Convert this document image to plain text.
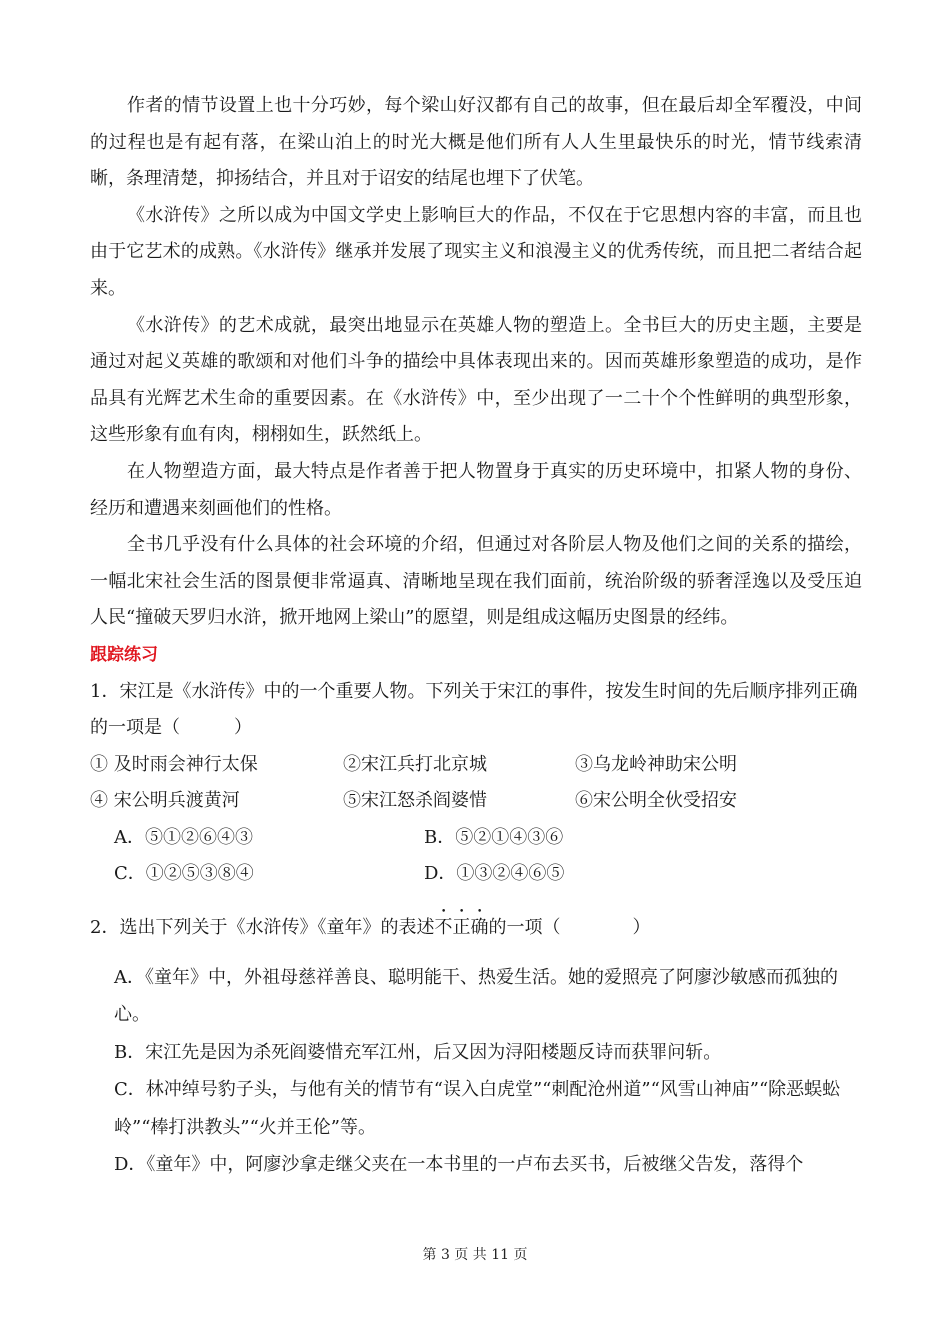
作者的情节设置上也十分巧妙，每个梁山好汉都有自己的故事，但在最后却全军覆没，中间的过程也是有起有落，在梁山泊上的时光大概是他们所有人人生里最快乐的时光，情节线索清晰，条理清楚，抑扬结合，并且对于诏安的结尾也埋下了伏笔。

《水浒传》之所以成为中国文学史上影响巨大的作品，不仅在于它思想内容的丰富，而且也由于它艺术的成熟。《水浒传》继承并发展了现实主义和浪漫主义的优秀传统，而且把二者结合起来。

《水浒传》的艺术成就，最突出地显示在英雄人物的塑造上。全书巨大的历史主题，主要是通过对起义英雄的歌颂和对他们斗争的描绘中具体表现出来的。因而英雄形象塑造的成功，是作品具有光辉艺术生命的重要因素。在《水浒传》中，至少出现了一二十个个性鲜明的典型形象，这些形象有血有肉，栩栩如生，跃然纸上。

在人物塑造方面，最大特点是作者善于把人物置身于真实的历史环境中，扣紧人物的身份、经历和遭遇来刻画他们的性格。

全书几乎没有什么具体的社会环境的介绍，但通过对各阶层人物及他们之间的关系的描绘，一幅北宋社会生活的图景便非常逼真、清晰地呈现在我们面前，统治阶级的骄奢淫逸以及受压迫人民“撞破天罗归水浒，掀开地网上梁山”的愿望，则是组成这幅历史图景的经纬。

跟踪练习

1．宋江是《水浒传》中的一个重要人物。下列关于宋江的事件，按发生时间的先后顺序排列正确的一项是（　　　）

① 及时雨会神行太保	②宋江兵打北京城	③乌龙岭神助宋公明
④ 宋公明兵渡黄河	⑤宋江怒杀阎婆惜	⑥宋公明全伙受招安
A．⑤①②⑥④③	B．⑤②①④③⑥
C．①②⑤③⑧④	D．①③②④⑥⑤

2．选出下列关于《水浒传》《童年》的表述不正确的一项（　　　　）

A．《童年》中，外祖母慈祥善良、聪明能干、热爱生活。她的爱照亮了阿廖沙敏感而孤独的心。

B．宋江先是因为杀死阎婆惜充军江州，后又因为浔阳楼题反诗而获罪问斩。

C．林冲绰号豹子头，与他有关的情节有“误入白虎堂”“刺配沧州道”“风雪山神庙”“除恶蜈蚣岭”“棒打洪教头”“火并王伦”等。

D．《童年》中，阿廖沙拿走继父夹在一本书里的一卢布去买书，后被继父告发，落得个

第 3 页 共 11 页
